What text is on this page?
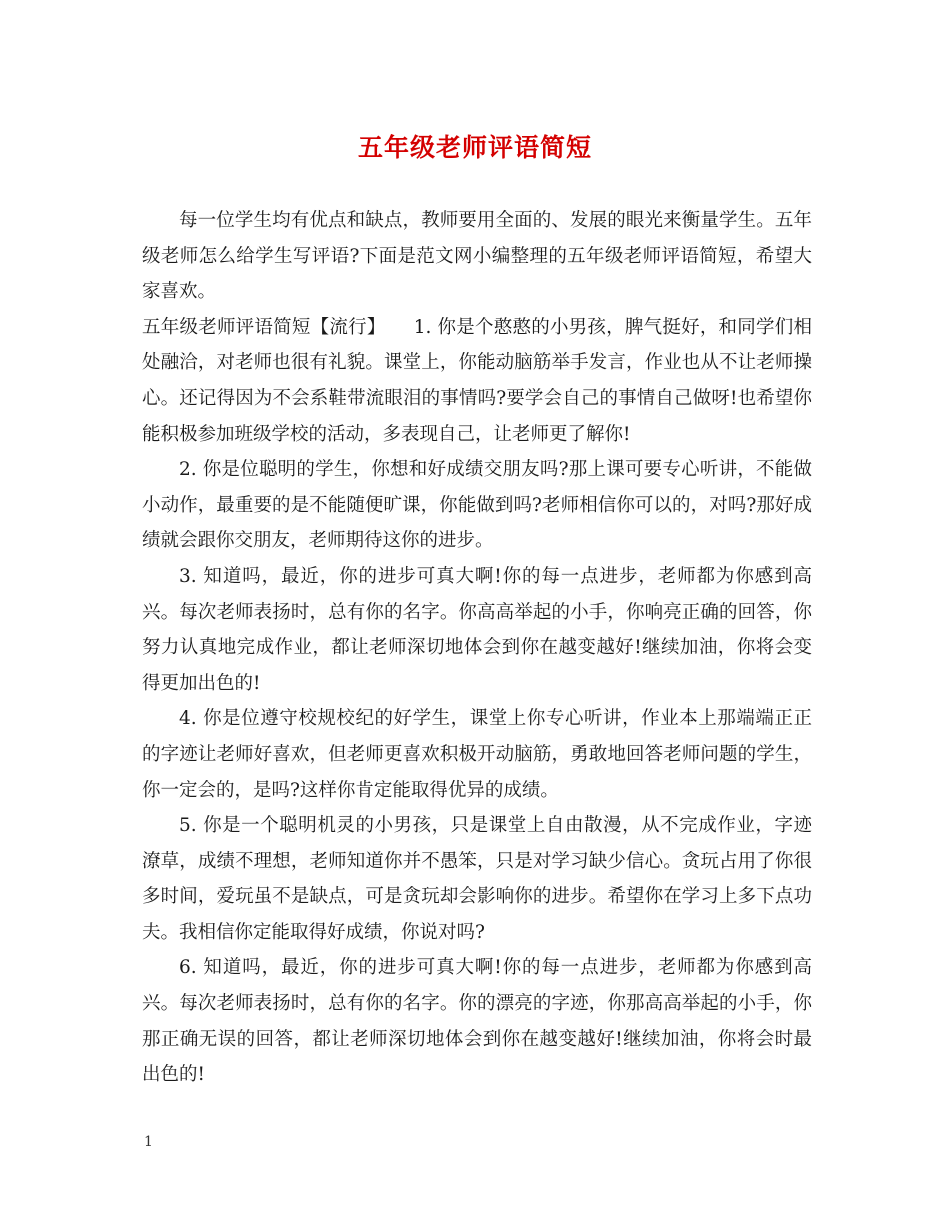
五年级老师评语简短

每一位学生均有优点和缺点，教师要用全面的、发展的眼光来衡量学生。五年级老师怎么给学生写评语?下面是范文网小编整理的五年级老师评语简短，希望大家喜欢。

五年级老师评语简短【流行】　　1. 你是个憨憨的小男孩，脾气挺好，和同学们相处融洽，对老师也很有礼貌。课堂上，你能动脑筋举手发言，作业也从不让老师操心。还记得因为不会系鞋带流眼泪的事情吗?要学会自己的事情自己做呀!也希望你能积极参加班级学校的活动，多表现自己，让老师更了解你!

2. 你是位聪明的学生，你想和好成绩交朋友吗?那上课可要专心听讲，不能做小动作，最重要的是不能随便旷课，你能做到吗?老师相信你可以的，对吗?那好成绩就会跟你交朋友，老师期待这你的进步。

3. 知道吗，最近，你的进步可真大啊!你的每一点进步，老师都为你感到高兴。每次老师表扬时，总有你的名字。你高高举起的小手，你响亮正确的回答，你努力认真地完成作业，都让老师深切地体会到你在越变越好!继续加油，你将会变得更加出色的!

4. 你是位遵守校规校纪的好学生，课堂上你专心听讲，作业本上那端端正正的字迹让老师好喜欢，但老师更喜欢积极开动脑筋，勇敢地回答老师问题的学生，你一定会的，是吗?这样你肯定能取得优异的成绩。

5. 你是一个聪明机灵的小男孩，只是课堂上自由散漫，从不完成作业，字迹潦草，成绩不理想，老师知道你并不愚笨，只是对学习缺少信心。贪玩占用了你很多时间，爱玩虽不是缺点，可是贪玩却会影响你的进步。希望你在学习上多下点功夫。我相信你定能取得好成绩，你说对吗?

6. 知道吗，最近，你的进步可真大啊!你的每一点进步，老师都为你感到高兴。每次老师表扬时，总有你的名字。你的漂亮的字迹，你那高高举起的小手，你那正确无误的回答，都让老师深切地体会到你在越变越好!继续加油，你将会时最出色的!

1
